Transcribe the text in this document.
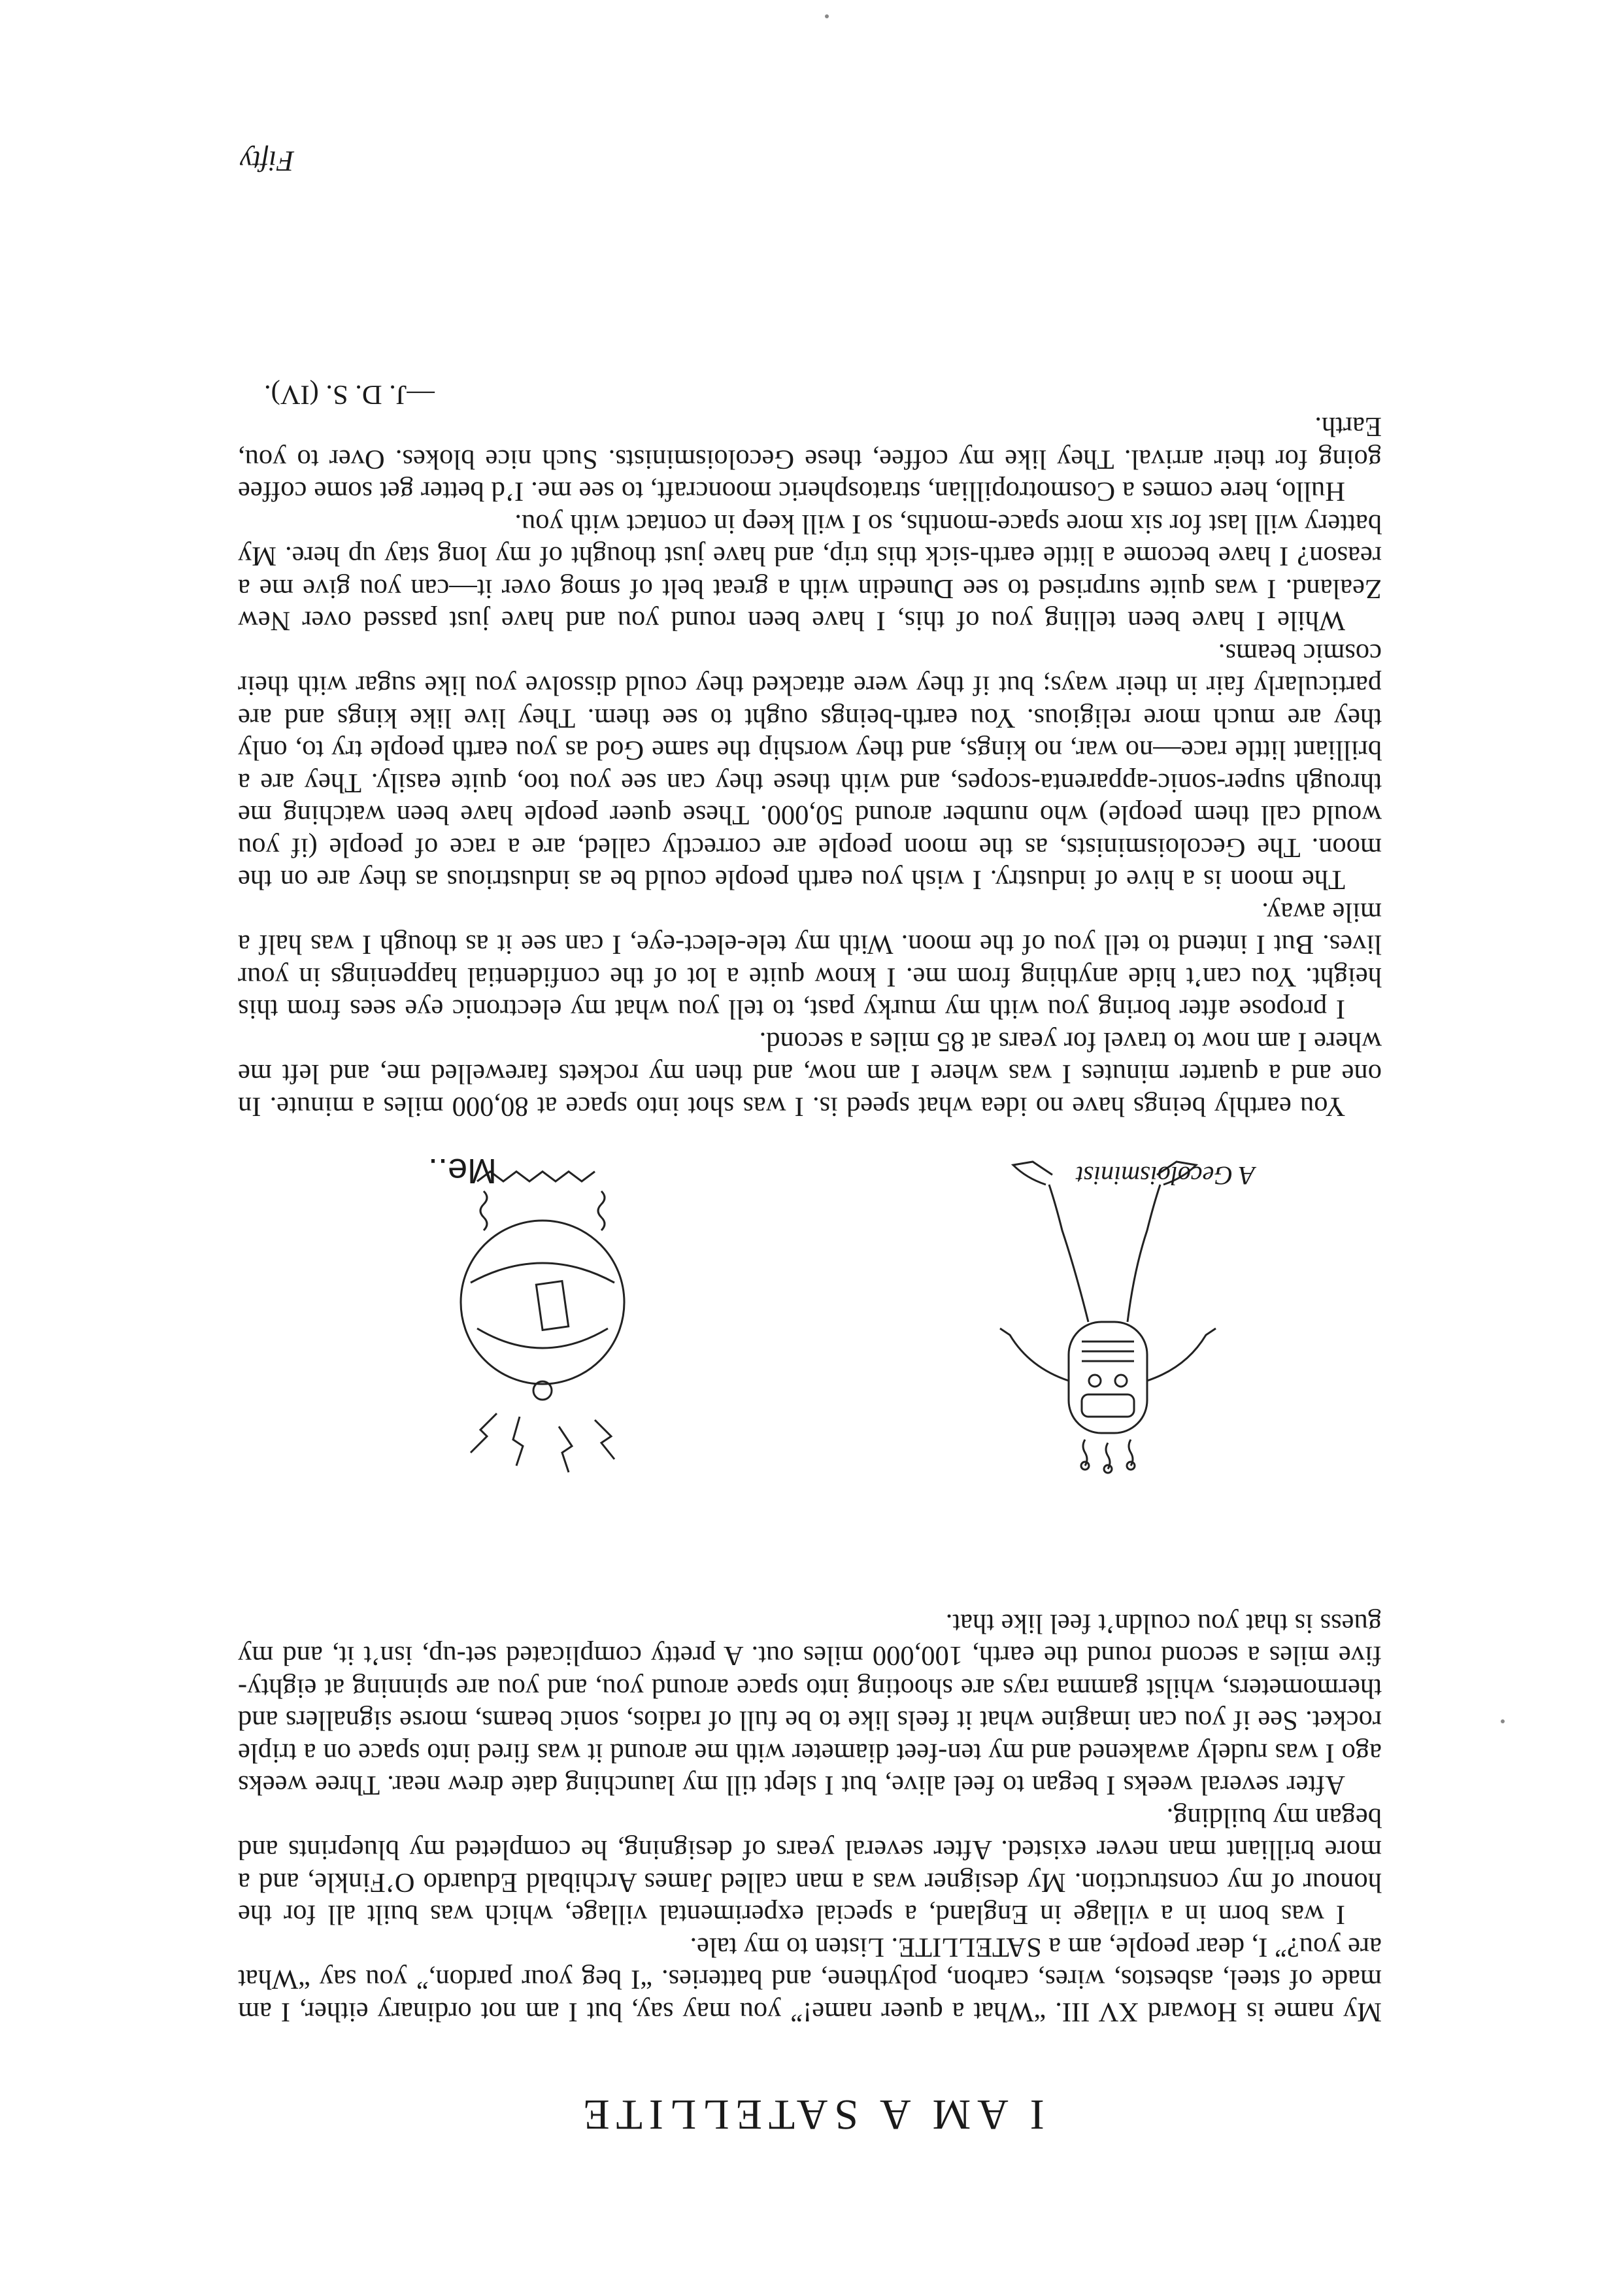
I AM A SATELLITE

My name is Howard XV III. “What a queer name!” you may say, but I am not ordinary either, I am made of steel, asbestos, wires, carbon, polythene, and batteries. “I beg your pardon,” you say “What are you?” I, dear people, am a SATELLITE. Listen to my tale.

I was born in a village in England, a special experimental village, which was built all for the honour of my construction. My designer was a man called James Archibald Eduardo O’Finkle, and a more brilliant man never existed. After several years of designing, he completed my blueprints and began my building.

After several weeks I began to feel alive, but I slept till my launching date drew near. Three weeks ago I was rudely awakened and my ten-feet diameter with me around it was fired into space on a triple rocket. See if you can imagine what it feels like to be full of radios, sonic beams, morse signallers and thermometers, whilst gamma rays are shooting into space around you, and you are spinning at eighty-five miles a second round the earth, 100,000 miles out. A pretty complicated set-up, isn’t it, and my guess is that you couldn’t feel like that.

A Gecoloisminist
Me..

You earthly beings have no idea what speed is. I was shot into space at 80,000 miles a minute. In one and a quarter minutes I was where I am now, and then my rockets farewelled me, and left me where I am now to travel for years at 85 miles a second.

I propose after boring you with my murky past, to tell you what my electronic eye sees from this height. You can’t hide anything from me. I know quite a lot of the confidential happenings in your lives. But I intend to tell you of the moon. With my tele-elect-eye, I can see it as though I was half a mile away.

The moon is a hive of industry. I wish you earth people could be as industrious as they are on the moon. The Gecoloisminists, as the moon people are correctly called, are a race of people (if you would call them people) who number around 50,000. These queer people have been watching me through super-sonic-apparenta-scopes, and with these they can see you too, quite easily. They are a brilliant little race—no war, no kings, and they worship the same God as you earth people try to, only they are much more religious. You earth-beings ought to see them. They live like kings and are particularly fair in their ways; but if they were attacked they could dissolve you like sugar with their cosmic beams.

While I have been telling you of this, I have been round you and have just passed over New Zealand. I was quite surprised to see Dunedin with a great belt of smog over it—can you give me a reason? I have become a little earth-sick this trip, and have just thought of my long stay up here. My battery will last for six more space-months, so I will keep in contact with you.

Hullo, here comes a Cosmotropillian, stratospheric mooncraft, to see me. I’d better get some coffee going for their arrival. They like my coffee, these Gecoloisminists. Such nice blokes. Over to you, Earth.

—J. D. S. (IV).

Fifty
